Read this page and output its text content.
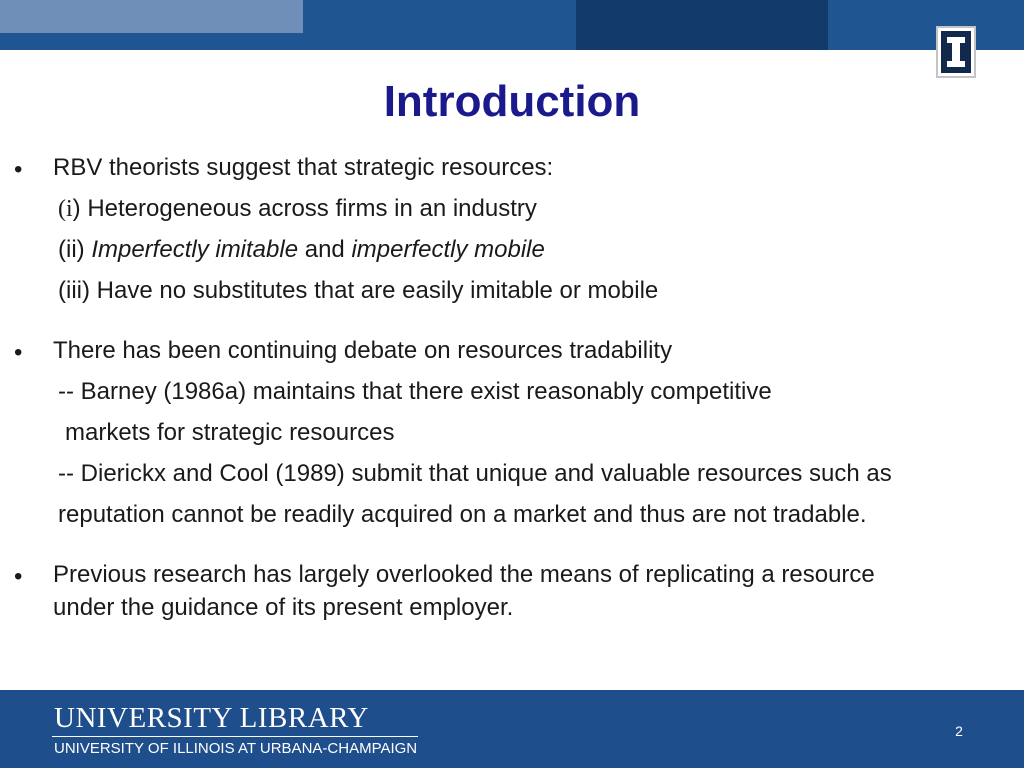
Introduction
• RBV theorists suggest that strategic resources:
(i) Heterogeneous across firms in an industry
(ii) Imperfectly imitable and imperfectly mobile
(iii) Have no substitutes that are easily imitable or mobile
• There has been continuing debate on resources tradability
-- Barney (1986a) maintains that there exist reasonably competitive
markets for strategic resources
-- Dierickx and Cool (1989) submit that unique and valuable resources such as
reputation cannot be readily acquired on a market and thus are not tradable.
• Previous research has largely overlooked the means of replicating a resource
under the guidance of its present employer.
UNIVERSITY LIBRARY
UNIVERSITY OF ILLINOIS AT URBANA-CHAMPAIGN
2
